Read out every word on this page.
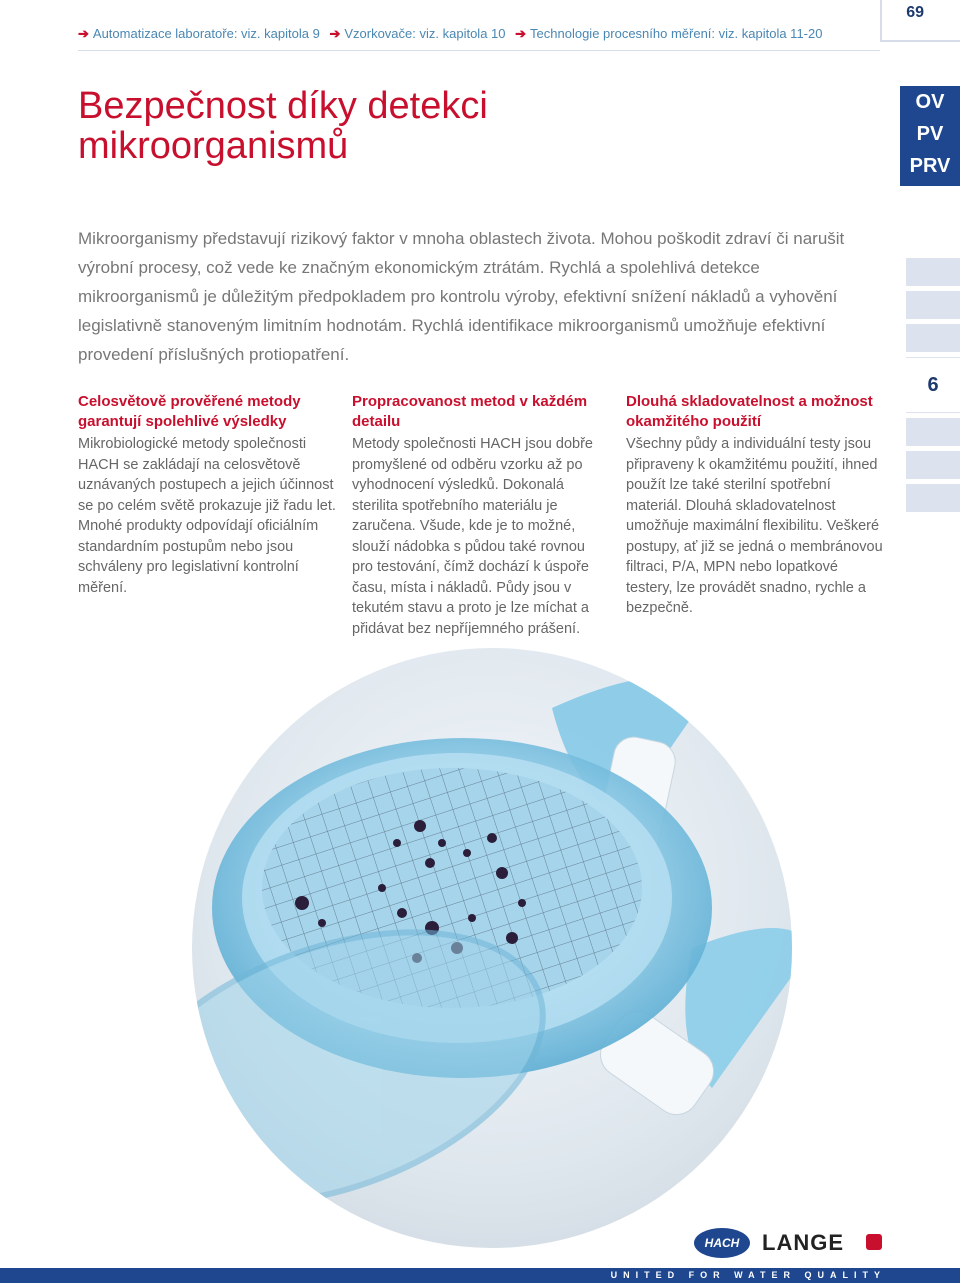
➔ Automatizace laboratoře: viz. kapitola 9 ➔ Vzorkovače: viz. kapitola 10 ➔ Technologie procesního měření: viz. kapitola 11-20
69
Bezpečnost díky detekci mikroorganismů
OV
PV
PRV

Mikroorganismy představují rizikový faktor v mnoha oblastech života. Mohou poškodit zdraví či narušit výrobní procesy, což vede ke značným ekonomickým ztrátám. Rychlá a spolehlivá detekce mikroorganismů je důležitým předpokladem pro kontrolu výroby, efektivní snížení nákladů a vyhovění legislativně stanoveným limitním hodnotám. Rychlá identifikace mikroorganismů umožňuje efektivní provedení příslušných protiopatření.

6
Celosvětově prověřené metody garantují spolehlivé výsledky

Mikrobiologické metody společnosti HACH se zakládají na celosvětově uznávaných postupech a jejich účinnost se po celém světě prokazuje již řadu let. Mnohé produkty odpovídají oficiálním standardním postupům nebo jsou schváleny pro legislativní kontrolní měření.

Propracovanost metod v každém detailu

Metody společnosti HACH jsou dobře promyšlené od odběru vzorku až po vyhodnocení výsledků. Dokonalá sterilita spotřebního materiálu je zaručena. Všude, kde je to možné, slouží nádobka s půdou také rovnou pro testování, čímž dochází k úspoře času, místa i nákladů. Půdy jsou v tekutém stavu a proto je lze míchat a přidávat bez nepříjemného prášení.

Dlouhá skladovatelnost a možnost okamžitého použití

Všechny půdy a individuální testy jsou připraveny k okamžitému použití, ihned použít lze také sterilní spotřební materiál. Dlouhá skladovatelnost umožňuje maximální flexibilitu. Veškeré postupy, ať již se jedná o membránovou filtraci, P/A, MPN nebo lopatkové testery, lze provádět snadno, rychle a bezpečně.

HACH	LANGE
UNITED FOR WATER QUALITY
